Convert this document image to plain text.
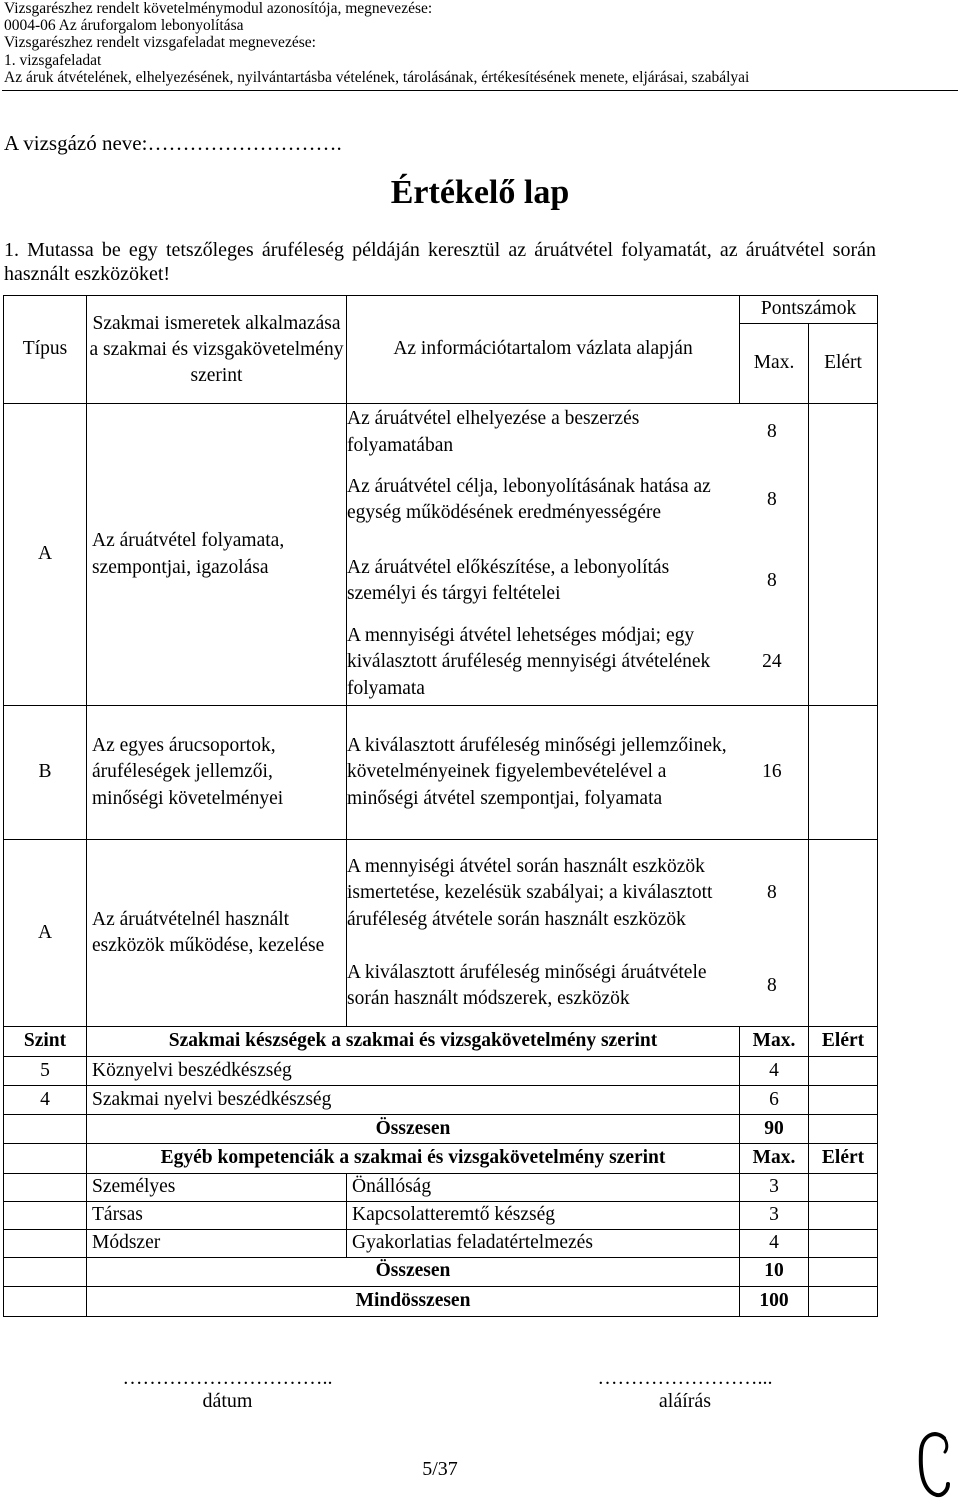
Vizsgarészhez rendelt követelménymodul azonosítója, megnevezése:
0004-06 Az áruforgalom lebonyolítása
Vizsgarészhez rendelt vizsgafeladat megnevezése:
1. vizsgafeladat
Az áruk átvételének, elhelyezésének, nyilvántartásba vételének, tárolásának, értékesítésének menete, eljárásai, szabályai
A vizsgázó neve:……………………….
Értékelő lap
1. Mutassa be egy tetszőleges áruféleség példáján keresztül az áruátvétel folyamatát, az áruátvétel során használt eszközöket!
Típus	Szakmai ismeretek alkalmazása a szakmai és vizsgakövetelmény szerint	Az információtartalom vázlata alapján	Pontszámok
Max.	Elért
A	Az áruátvétel folyamata, szempontjai, igazolása	
Az áruátvétel elhelyezése a beszerzés folyamatában	8
Az áruátvétel célja, lebonyolításának hatása az egység működésének eredményességére	8
Az áruátvétel előkészítése, a lebonyolítás személyi és tárgyi feltételei	8
A mennyiségi átvétel lehetséges módjai; egy kiválasztott áruféleség mennyiségi átvételének folyamata	24

B	Az egyes árucsoportok, áruféleségek jellemzői, minőségi követelményei	
A kiválasztott áruféleség minőségi jellemzőinek, követelményeinek figyelembevételével a minőségi átvétel szempontjai, folyamata	16

A	Az áruátvételnél használt eszközök működése, kezelése	
A mennyiségi átvétel során használt eszközök ismertetése, kezelésük szabályai; a kiválasztott áruféleség átvétele során használt eszközök	8
A kiválasztott áruféleség minőségi áruátvétele során használt módszerek, eszközök	8

Szint	Szakmai készségek a szakmai és vizsgakövetelmény szerint	Max.	Elért
5	Köznyelvi beszédkészség	4	
4	Szakmai nyelvi beszédkészség	6	
	Összesen	90	
	Egyéb kompetenciák a szakmai és vizsgakövetelmény szerint	Max.	Elért
	Személyes	Önállóság	3	
	Társas	Kapcsolatteremtő készség	3	
	Módszer	Gyakorlatias feladatértelmezés	4	
	Összesen	10	
	Mindösszesen	100	
…………………………..
dátum
……………………...
aláírás
5/37
